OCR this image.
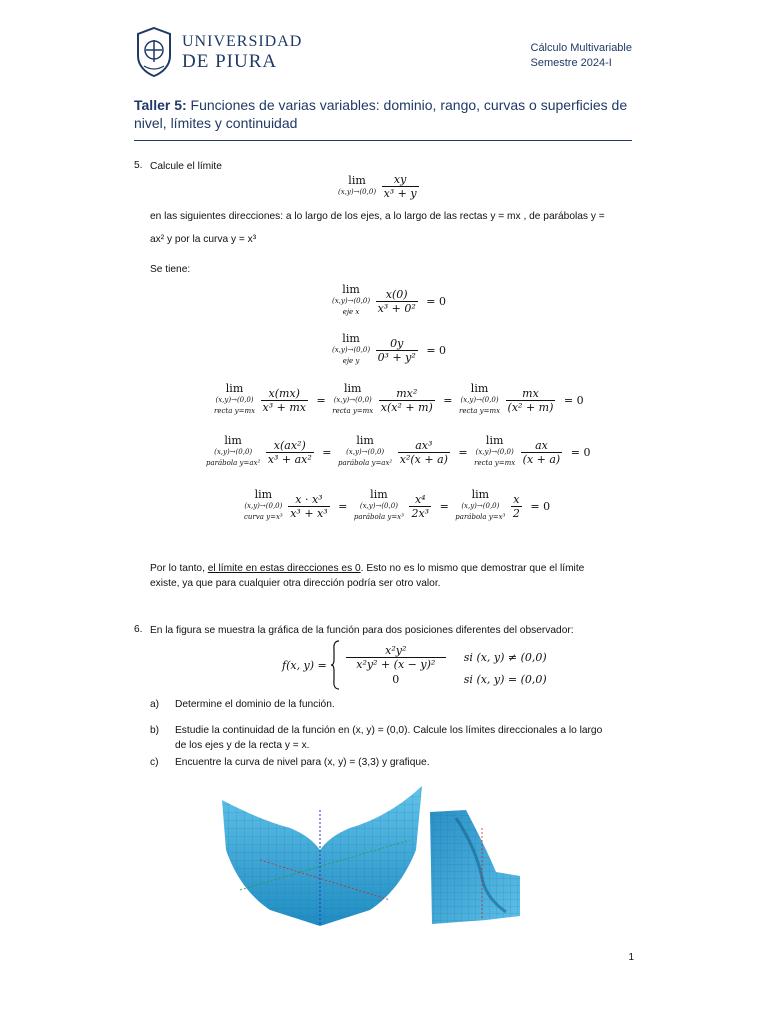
UNIVERSIDAD
DE PIURA
Cálculo Multivariable
Semestre 2024-I
Taller 5: Funciones de varias variables: dominio, rango, curvas o superficies de nivel, límites y continuidad
5. Calcule el límite
lim
$(x,y)\to(0,0) \frac{xy}{\text{x³ + y}}$
en las siguientes direcciones: a lo largo de los ejes, a lo largo de las rectas y = mx , de parábolas y =
ax² y por la curva y = x³
Se tiene:
lim
(x,y)→(0,0)
eje x $\frac{x(0)}{\text{x³ + 0²}} = 0$
lim
(x,y)→(0,0)
eje y $\frac{0y}{\text{0³ + y²}} = 0$
lim
(x,y)→(0,0)
recta $y=mx \frac{x(mx)}{\text{x³ + mx}} = \lim$
(x,y)→(0,0)
recta $y=mx \frac{\text{mx²}}{\text{x(x² + m)}} = \lim$
(x,y)→(0,0)
recta $y=mx \frac{mx}{\text{(x² + m)}} = 0$
lim
(x,y)→(0,0)
parábola $y=ax^2 \frac{\text{x(ax²)}}{\text{x³ + ax²}} = \lim$
(x,y)→(0,0)
parábola $y=ax^2 \frac{\text{ax³}}{\text{x²(x + a)}} = \lim$
(x,y)→(0,0)
recta $y=mx \frac{ax}{(x + a)} = 0$
lim
(x,y)→(0,0)
curva $y=x^3 \frac{\text{x · x³}}{\text{x³ + x³}} = \lim$
(x,y)→(0,0)
parábola $y=x^3 \frac{\text{x⁴}}{\text{2x³}} = \lim$
(x,y)→(0,0)
parábola $y=x^3 \frac{x}{2} = 0$
Por lo tanto, el límite en estas direcciones es 0. Esto no es lo mismo que demostrar que el límite
existe, ya que para cualquier otra dirección podría ser otro valor.
6. En la figura se muestra la gráfica de la función para dos posiciones diferentes del observador:
f(x, $y) = \frac{\text{x²y²}}{\text{x²y² + (x − y)²}}$ si (x, y) ≠ (0,0)
0	si (x, y) = (0,0)
a) Determine el dominio de la función.
b) Estudie la continuidad de la función en (x, y) = (0,0). Calcule los límites direccionales a lo largo
de los ejes y de la recta y = x.
c) Encuentre la curva de nivel para (x, y) = (3,3) y grafique.
1
